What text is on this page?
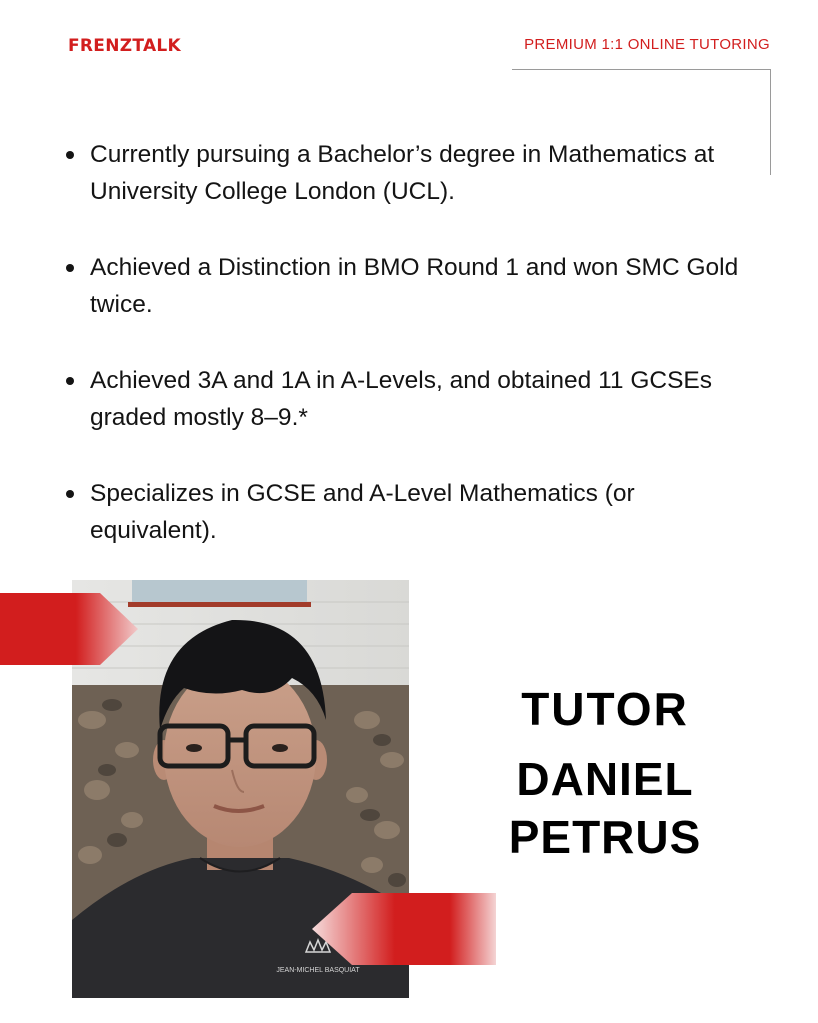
FRENZTALK	PREMIUM 1:1 ONLINE TUTORING
Currently pursuing a Bachelor’s degree in Mathematics at
University College London (UCL).
Achieved a Distinction in BMO Round 1 and won SMC Gold
twice.
Achieved 3A and 1A in A-Levels, and obtained 11 GCSEs
graded mostly 8–9.*
Specializes in GCSE and A-Level Mathematics (or equivalent).
JEAN-MICHEL BASQUIAT
TUTOR
DANIEL PETRUS
